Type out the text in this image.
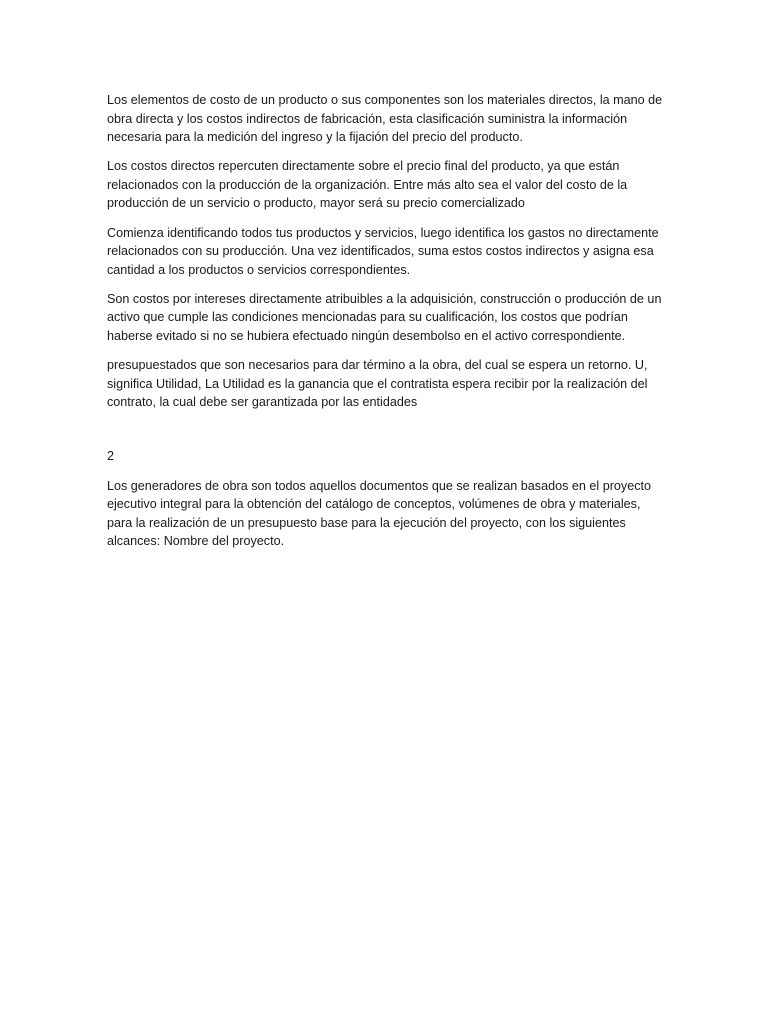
Los elementos de costo de un producto o sus componentes son los materiales directos, la mano de obra directa y los costos indirectos de fabricación, esta clasificación suministra la información necesaria para la medición del ingreso y la fijación del precio del producto.

Los costos directos repercuten directamente sobre el precio final del producto, ya que están relacionados con la producción de la organización. Entre más alto sea el valor del costo de la producción de un servicio o producto, mayor será su precio comercializado

Comienza identificando todos tus productos y servicios, luego identifica los gastos no directamente relacionados con su producción. Una vez identificados, suma estos costos indirectos y asigna esa cantidad a los productos o servicios correspondientes.

Son costos por intereses directamente atribuibles a la adquisición, construcción o producción de un activo que cumple las condiciones mencionadas para su cualificación, los costos que podrían haberse evitado si no se hubiera efectuado ningún desembolso en el activo correspondiente.

presupuestados que son necesarios para dar término a la obra, del cual se espera un retorno. U, significa Utilidad, La Utilidad es la ganancia que el contratista espera recibir por la realización del contrato, la cual debe ser garantizada por las entidades

2

Los generadores de obra son todos aquellos documentos que se realizan basados en el proyecto ejecutivo integral para la obtención del catálogo de conceptos, volúmenes de obra y materiales, para la realización de un presupuesto base para la ejecución del proyecto, con los siguientes alcances: Nombre del proyecto.
